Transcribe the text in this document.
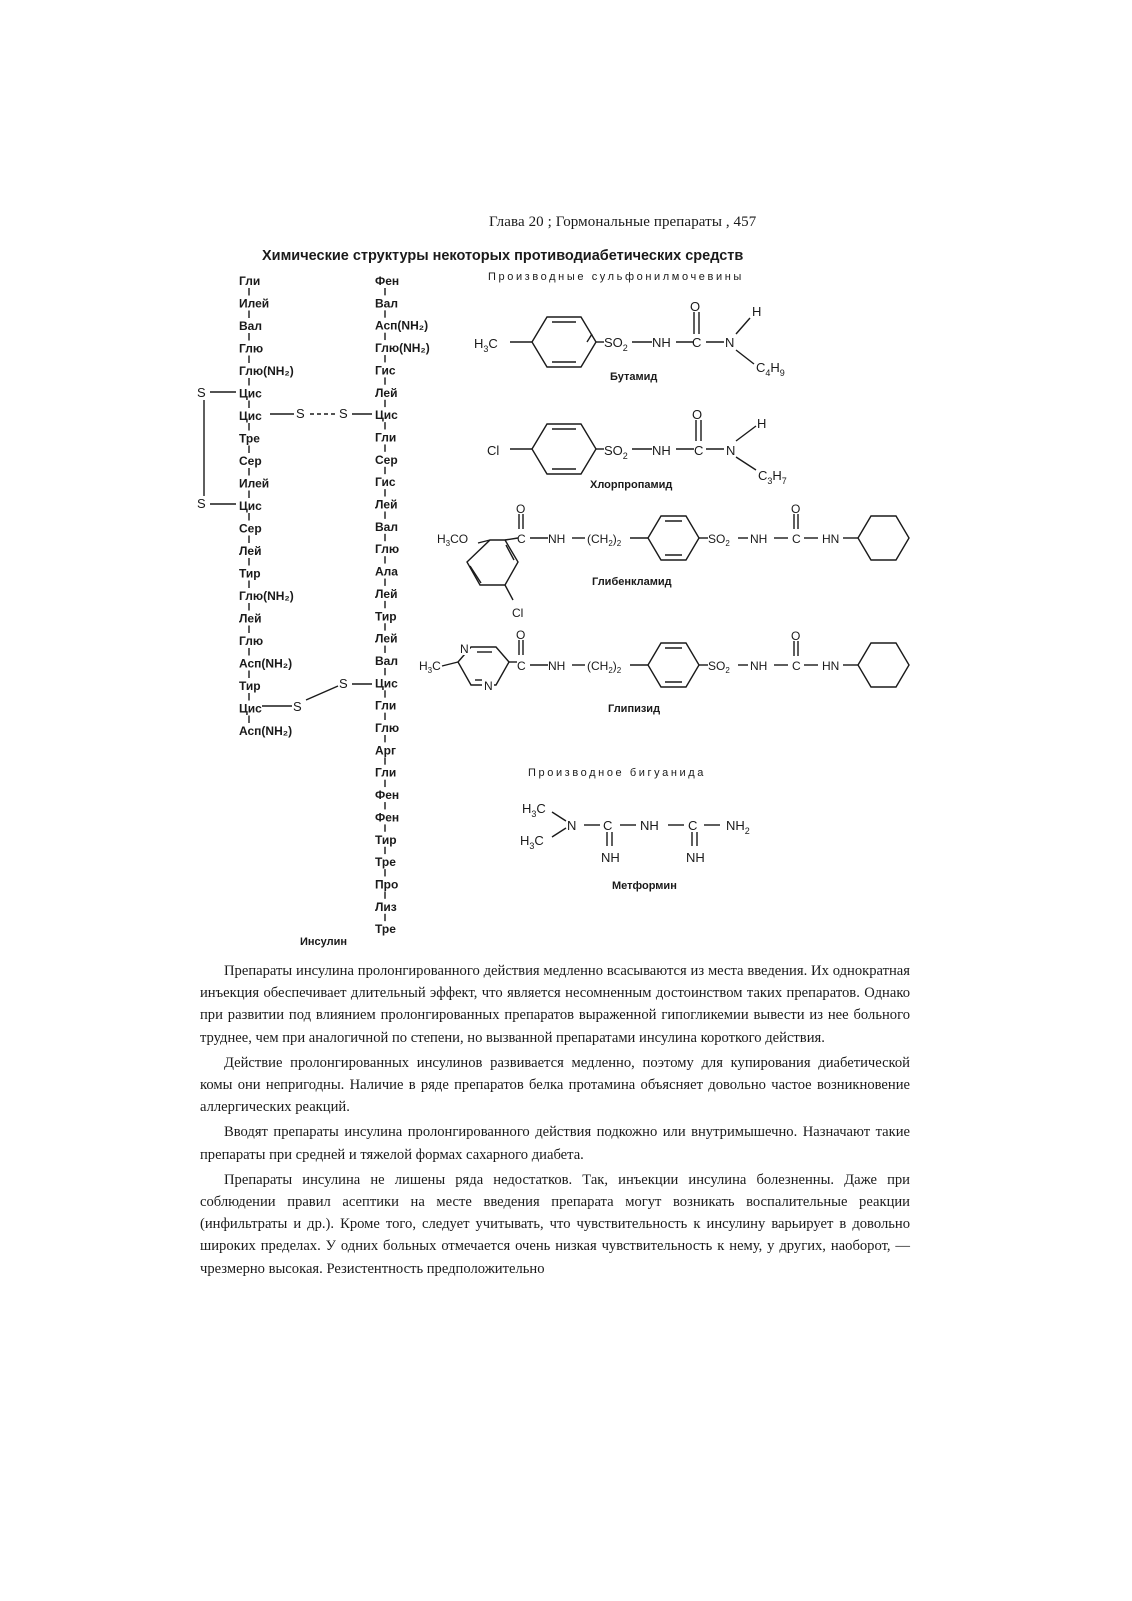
Глава 20 ; Гормональные препараты , 457
Химические структуры некоторых противодиабетических средств
Гли
Илей
Вал
Глю
Глю(NH₂)
Цис
Цис
Тре
Сер
Илей
Цис
Сер
Лей
Тир
Глю(NH₂)
Лей
Глю
Асп(NH₂)
Тир
Цис
Асп(NH₂)
Фен
Вал
Асп(NH₂)
Глю(NH₂)
Гис
Лей
Цис
Гли
Сер
Гис
Лей
Вал
Глю
Ала
Лей
Тир
Лей
Вал
Цис
Гли
Глю
Арг
Гли
Фен
Фен
Тир
Тре
Про
Лиз
Тре
S
S
S	S
S
S
Инсулин
Производные сульфонилмочевины
$H_3C$	$SO_2$ NH C
O
N
H
$C_4H_9$
Бутамид
Cl	$SO_2$ NH C
O
N
H
$C_3H_7$
Хлорпропамид
$H_3CO$
O
C NH $(CH_2)_2$	$SO_2$ NH
O
C HN
Cl
Глибенкламид
N
N
$H_3C$
O
C NH $(CH_2)_2$	$SO_2$ NH
O
C HN
Глипизид
Производное бигуанида
$H_3C$
$H_3C$
N C NH C $NH_2$
NH	NH
Метформин

Препараты инсулина пролонгированного действия медленно всасываются из места введения. Их однократная инъекция обеспечивает длительный эффект, что является несомненным достоинством таких препаратов. Однако при развитии под влиянием пролонгированных препаратов выраженной гипогликемии вывести из нее больного труднее, чем при аналогичной по степени, но вызванной препаратами инсулина короткого действия.

Действие пролонгированных инсулинов развивается медленно, поэтому для купирования диабетической комы они непригодны. Наличие в ряде препаратов белка протамина объясняет довольно частое возникновение аллергических реакций.

Вводят препараты инсулина пролонгированного действия подкожно или внутримышечно. Назначают такие препараты при средней и тяжелой формах сахарного диабета.

Препараты инсулина не лишены ряда недостатков. Так, инъекции инсулина болезненны. Даже при соблюдении правил асептики на месте введения препарата могут возникать воспалительные реакции (инфильтраты и др.). Кроме того, следует учитывать, что чувствительность к инсулину варьирует в довольно широких пределах. У одних больных отмечается очень низкая чувствительность к нему, у других, наоборот, — чрезмерно высокая. Резистентность предположительно
